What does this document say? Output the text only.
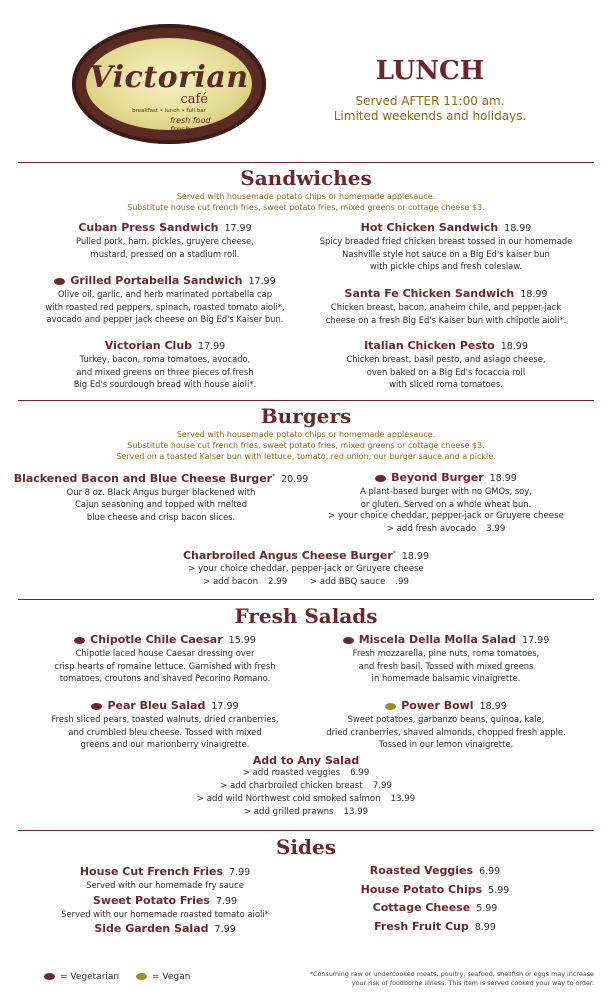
Victorian
café
breakfast • lunch • full bar
fresh food
fresh attitude
LUNCH
Served AFTER 11:00 am.
Limited weekends and holidays.
Sandwiches
Served with housemade potato chips or homemade applesauce.
Substitute house cut french fries, sweet potato fries, mixed greens or cottage cheese $3.
Cuban Press Sandwich 17.99
Pulled pork, ham, pickles, gruyere cheese,
mustard, pressed on a stadium roll.
Grilled Portabella Sandwich 17.99
Olive oil, garlic, and herb marinated portabella cap
with roasted red peppers, spinach, roasted tomato aioli*,
avocado and pepper jack cheese on Big Ed's Kaiser bun.
Victorian Club 17.99
Turkey, bacon, roma tomatoes, avocado,
and mixed greens on three pieces of fresh
Big Ed's sourdough bread with house aioli*.
Hot Chicken Sandwich 18.99
Spicy breaded fried chicken breast tossed in our homemade
Nashville style hot sauce on a Big Ed's kaiser bun
with pickle chips and fresh coleslaw.
Santa Fe Chicken Sandwich 18.99
Chicken breast, bacon, anaheim chile, and pepper-jack
cheese on a fresh Big Ed's Kaiser bun with chipotle aioli*.
Italian Chicken Pesto 18.99
Chicken breast, basil pesto, and asiago cheese,
oven baked on a Big Ed's focaccia roll
with sliced roma tomatoes.
Burgers
Served with housemade potato chips or homemade applesauce.
Substitute house cut french fries, sweet potato fries, mixed greens or cottage cheese $3.
Served on a toasted Kaiser bun with lettuce, tomato, red onion, our burger sauce and a pickle.
Blackened Bacon and Blue Cheese Burger* 20.99
Our 8 oz. Black Angus burger blackened with
Cajun seasoning and topped with melted
blue cheese and crisp bacon slices.
Beyond Burger 18.99
A plant-based burger with no GMOs, soy,
or gluten. Served on a whole wheat bun.
> your choice cheddar, pepper-jack or Gruyere cheese
> add fresh avocado 3.99
Charbroiled Angus Cheese Burger* 18.99
> your choice cheddar, pepper-jack or Gruyere cheese
> add bacon 2.99	> add BBQ sauce .99
Fresh Salads
Chipotle Chile Caesar 15.99
Chipotle laced house Caesar dressing over
crisp hearts of romaine lettuce. Garnished with fresh
tomatoes, croutons and shaved Pecorino Romano.
Pear Bleu Salad 17.99
Fresh sliced pears, toasted walnuts, dried cranberries,
and crumbled bleu cheese. Tossed with mixed
greens and our marionberry vinaigrette.
Miscela Della Molla Salad 17.99
Fresh mozzarella, pine nuts, roma tomatoes,
and fresh basil. Tossed with mixed greens
in homemade balsamic vinaigrette.
Power Bowl 18.99
Sweet potatoes, garbanzo beans, quinoa, kale,
dried cranberries, shaved almonds, chopped fresh apple.
Tossed in our lemon vinaigrette.
Add to Any Salad
> add roasted veggies 6.99
> add charbroiled chicken breast 7.99
> add wild Northwest cold smoked salmon 13.99
> add grilled prawns 13.99
Sides
House Cut French Fries 7.99
Served with our homemade fry sauce
Sweet Potato Fries 7.99
Served with our homemade roasted tomato aioli*
Side Garden Salad 7.99
Roasted Veggies 6.99
House Potato Chips 5.99
Cottage Cheese 5.99
Fresh Fruit Cup 8.99
= Vegetarian	= Vegan	*Consuming raw or undercooked meats, poultry, seafood, shellfish or eggs may increase
your risk of foodborne illness. This item is served cooked your way to order.
